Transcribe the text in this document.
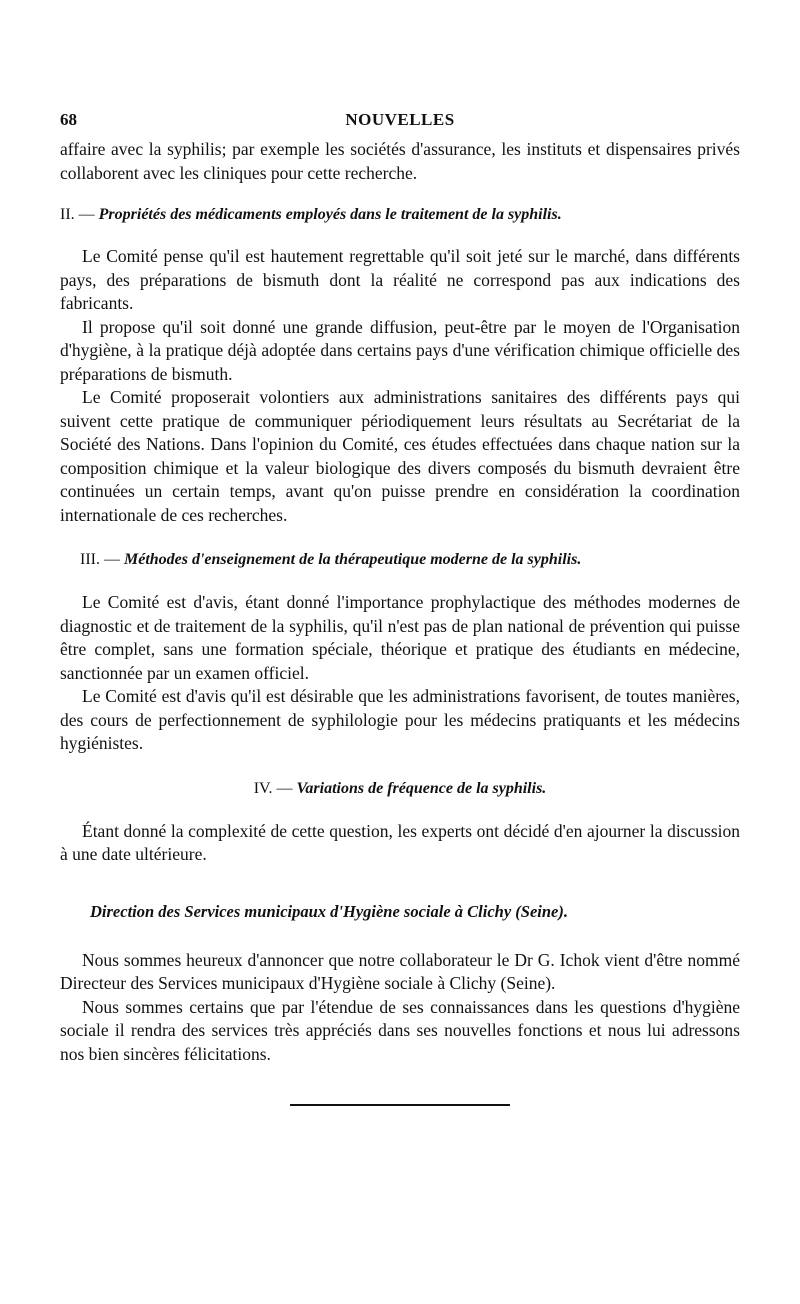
68	NOUVELLES

affaire avec la syphilis; par exemple les sociétés d'assurance, les instituts et dispensaires privés collaborent avec les cliniques pour cette recherche.

II. — Propriétés des médicaments employés dans le traitement de la syphilis.

Le Comité pense qu'il est hautement regrettable qu'il soit jeté sur le marché, dans différents pays, des préparations de bismuth dont la réalité ne correspond pas aux indications des fabricants.

Il propose qu'il soit donné une grande diffusion, peut-être par le moyen de l'Organisation d'hygiène, à la pratique déjà adoptée dans certains pays d'une vérification chimique officielle des préparations de bismuth.

Le Comité proposerait volontiers aux administrations sanitaires des différents pays qui suivent cette pratique de communiquer périodiquement leurs résultats au Secrétariat de la Société des Nations. Dans l'opinion du Comité, ces études effectuées dans chaque nation sur la composition chimique et la valeur biologique des divers composés du bismuth devraient être continuées un certain temps, avant qu'on puisse prendre en considération la coordination internationale de ces recherches.

III. — Méthodes d'enseignement de la thérapeutique moderne de la syphilis.

Le Comité est d'avis, étant donné l'importance prophylactique des méthodes modernes de diagnostic et de traitement de la syphilis, qu'il n'est pas de plan national de prévention qui puisse être complet, sans une formation spéciale, théorique et pratique des étudiants en médecine, sanctionnée par un examen officiel.

Le Comité est d'avis qu'il est désirable que les administrations favorisent, de toutes manières, des cours de perfectionnement de syphilologie pour les médecins pratiquants et les médecins hygiénistes.

IV. — Variations de fréquence de la syphilis.

Étant donné la complexité de cette question, les experts ont décidé d'en ajourner la discussion à une date ultérieure.

Direction des Services municipaux d'Hygiène sociale à Clichy (Seine).

Nous sommes heureux d'annoncer que notre collaborateur le Dr G. Ichok vient d'être nommé Directeur des Services municipaux d'Hygiène sociale à Clichy (Seine).

Nous sommes certains que par l'étendue de ses connaissances dans les questions d'hygiène sociale il rendra des services très appréciés dans ses nouvelles fonctions et nous lui adressons nos bien sincères félicitations.
